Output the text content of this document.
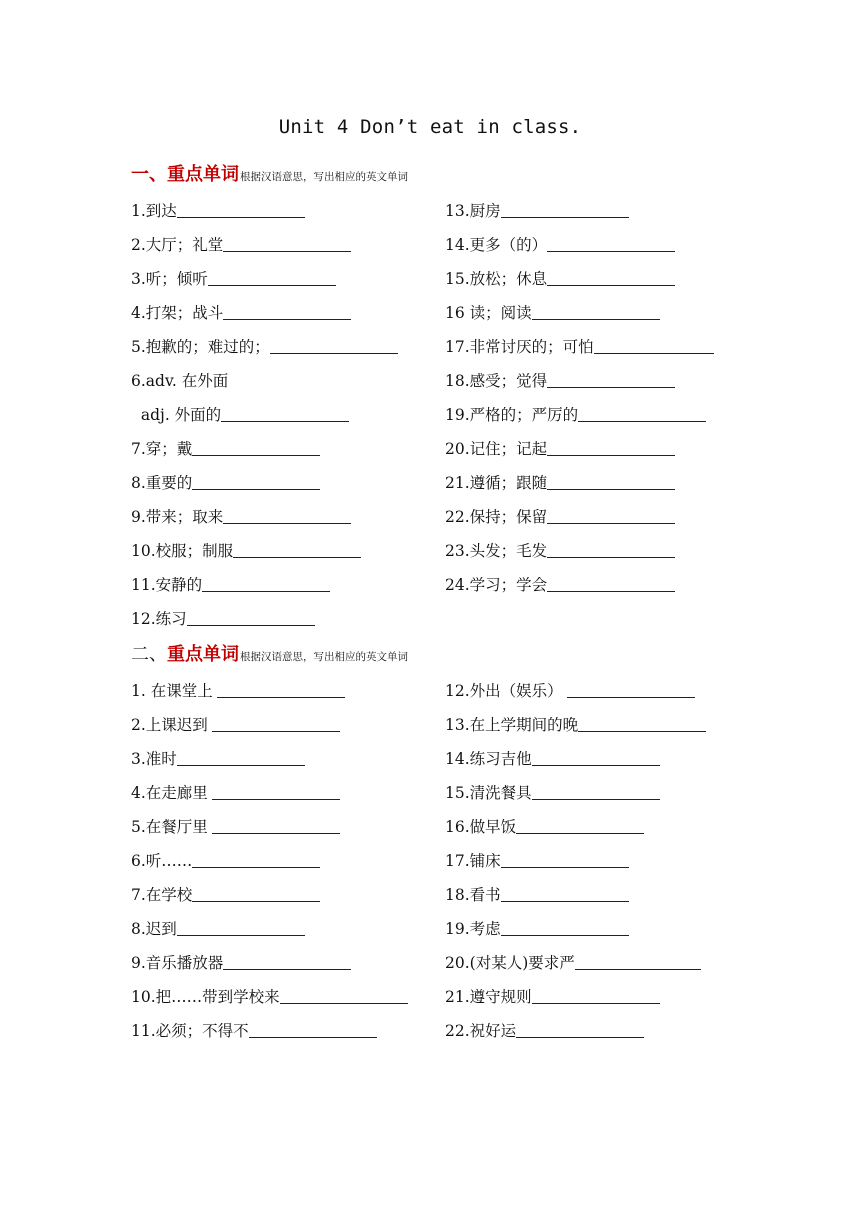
Unit 4 Don’t eat in class.
一、 重点单词 根据汉语意思，写出相应的英文单词
1.到达
2.大厅；礼堂
3.听；倾听
4.打架；战斗
5.抱歉的；难过的；
6.adv. 在外面
adj. 外面的
7.穿；戴
8.重要的
9.带来；取来
10.校服；制服
11.安静的
12.练习
13.厨房
14.更多（的）
15.放松；休息
16 读；阅读
17.非常讨厌的；可怕
18.感受；觉得
19.严格的；严厉的
20.记住；记起
21.遵循；跟随
22.保持；保留
23.头发；毛发
24.学习；学会
二、 重点单词 根据汉语意思，写出相应的英文单词
1. 在课堂上
2.上课迟到
3.准时
4.在走廊里
5.在餐厅里
6.听……
7.在学校
8.迟到
9.音乐播放器
10.把……带到学校来
11.必须；不得不
12.外出（娱乐）
13.在上学期间的晚
14.练习吉他
15.清洗餐具
16.做早饭
17.铺床
18.看书
19.考虑
20.(对某人)要求严
21.遵守规则
22.祝好运
